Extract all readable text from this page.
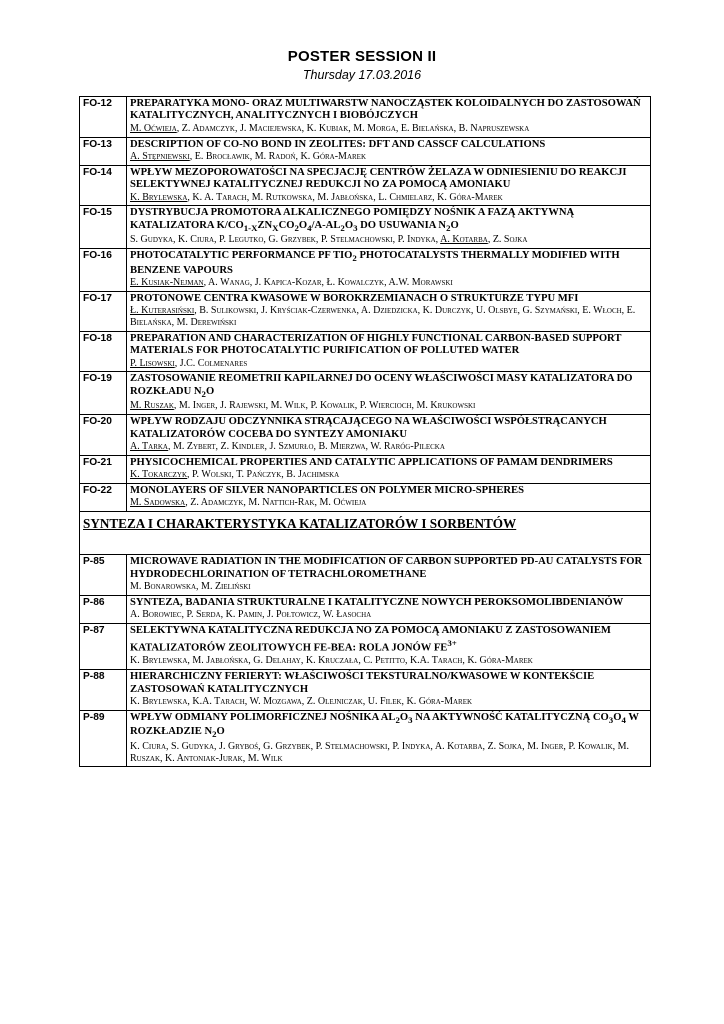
POSTER SESSION II
Thursday 17.03.2016
FO-12	PREPARATYKA MONO- ORAZ MULTIWARSTW NANOCZĄSTEK KOLOIDALNYCH DO ZASTOSOWAŃ KATALITYCZNYCH, ANALITYCZNYCH I BIOBÓJCZYCH
M. Oćwieja, Z. Adamczyk, J. Maciejewska, K. Kubiak, M. Morga, E. Bielańska, B. Napruszewska

FO-13	DESCRIPTION OF CO-NO BOND IN ZEOLITES: DFT AND CASSCF CALCULATIONS
A. Stępniewski, E. Brocławik, M. Radoń, K. Góra-Marek

FO-14	WPŁYW MEZOPOROWATOŚCI NA SPECJACJĘ CENTRÓW ŻELAZA W ODNIESIENIU DO REAKCJI SELEKTYWNEJ KATALITYCZNEJ REDUKCJI NO ZA POMOCĄ AMONIAKU
K. Brylewska, K. A. Tarach, M. Rutkowska, M. Jabłońska, L. Chmielarz, K. Góra-Marek

FO-15	DYSTRYBUCJA PROMOTORA ALKALICZNEGO POMIĘDZY NOŚNIK A FAZĄ AKTYWNĄ KATALIZATORA $K/CO_{1-X}ZN_XCO_2O_4/A-AL_2O_3$ DO USUWANIA $N_2O$
S. Gudyka, K. Ciura, P. Legutko, G. Grzybek, P. Stelmachowski, P. Indyka, A. Kotarba, Z. Sojka

FO-16	PHOTOCATALYTIC PERFORMANCE PF $TIO_2$ PHOTOCATALYSTS THERMALLY MODIFIED WITH BENZENE VAPOURS
E. Kusiak-Nejman, A. Wanag, J. Kapica-Kozar, Ł. Kowalczyk, A.W. Morawski

FO-17	PROTONOWE CENTRA KWASOWE W BOROKRZEMIANACH O STRUKTURZE TYPU MFI
Ł. Kuterasiński, B. Sulikowski, J. Kryściak-Czerwenka, A. Dziedzicka, K. Durczyk, U. Olsbye, G. Szymański, E. Włoch, E. Bielańska, M. Derewiński

FO-18	PREPARATION AND CHARACTERIZATION OF HIGHLY FUNCTIONAL CARBON-BASED SUPPORT MATERIALS FOR PHOTOCATALYTIC PURIFICATION OF POLLUTED WATER
P. Lisowski, J.C. Colmenares

FO-19	ZASTOSOWANIE REOMETRII KAPILARNEJ DO OCENY WŁAŚCIWOŚCI MASY KATALIZATORA DO ROZKŁADU $N_2O$
M. Ruszak, M. Inger, J. Rajewski, M. Wilk, P. Kowalik, P. Wiercioch, M. Krukowski

FO-20	WPŁYW RODZAJU ODCZYNNIKA STRĄCAJĄCEGO NA WŁAŚCIWOŚCI WSPÓŁSTRĄCANYCH KATALIZATORÓW COCEBA DO SYNTEZY AMONIAKU
A. Tarka, M. Zybert, Z. Kindler, J. Szmurło, B. Mierzwa, W. Raróg-Pilecka

FO-21	PHYSICOCHEMICAL PROPERTIES AND CATALYTIC APPLICATIONS OF PAMAM DENDRIMERS
K. Tokarczyk, P. Wolski, T. Pańczyk, B. Jachimska

FO-22	MONOLAYERS OF SILVER NANOPARTICLES ON POLYMER MICRO-SPHERES
M. Sadowska, Z. Adamczyk, M. Nattich-Rak, M. Oćwieja

SYNTEZA I CHARAKTERYSTYKA KATALIZATORÓW I SORBENTÓW	

P-85	MICROWAVE RADIATION IN THE MODIFICATION OF CARBON SUPPORTED PD-AU CATALYSTS FOR HYDRODECHLORINATION OF TETRACHLOROMETHANE
M. Bonarowska, M. Zieliński

P-86	SYNTEZA, BADANIA STRUKTURALNE I KATALITYCZNE NOWYCH PEROKSOMOLIBDENIANÓW
A. Borowiec, P. Serda, K. Pamin, J. Połtowicz, W. Łasocha

P-87	SELEKTYWNA KATALITYCZNA REDUKCJA NO ZA POMOCĄ AMONIAKU Z ZASTOSOWANIEM KATALIZATORÓW ZEOLITOWYCH FE-BEA: ROLA JONÓW $FE^{3+}$
K. Brylewska, M. Jabłońska, G. Delahay, K. Kruczała, C. Petitto, K.A. Tarach, K. Góra-Marek

P-88	HIERARCHICZNY FERIERYT: WŁAŚCIWOŚCI TEKSTURALNO/KWASOWE W KONTEKŚCIE ZASTOSOWAŃ KATALITYCZNYCH
K. Brylewska, K.A. Tarach, W. Mozgawa, Z. Olejniczak, U. Filek, K. Góra-Marek

P-89	WPŁYW ODMIANY POLIMORFICZNEJ NOŚNIKA $AL_2O_3$ NA AKTYWNOŚĆ KATALITYCZNĄ $CO_3O_4$ W ROZKŁADZIE $N_2O$
K. Ciura, S. Gudyka, J. Gryboś, G. Grzybek, P. Stelmachowski, P. Indyka, A. Kotarba, Z. Sojka, M. Inger, P. Kowalik, M. Ruszak, K. Antoniak-Jurak, M. Wilk
